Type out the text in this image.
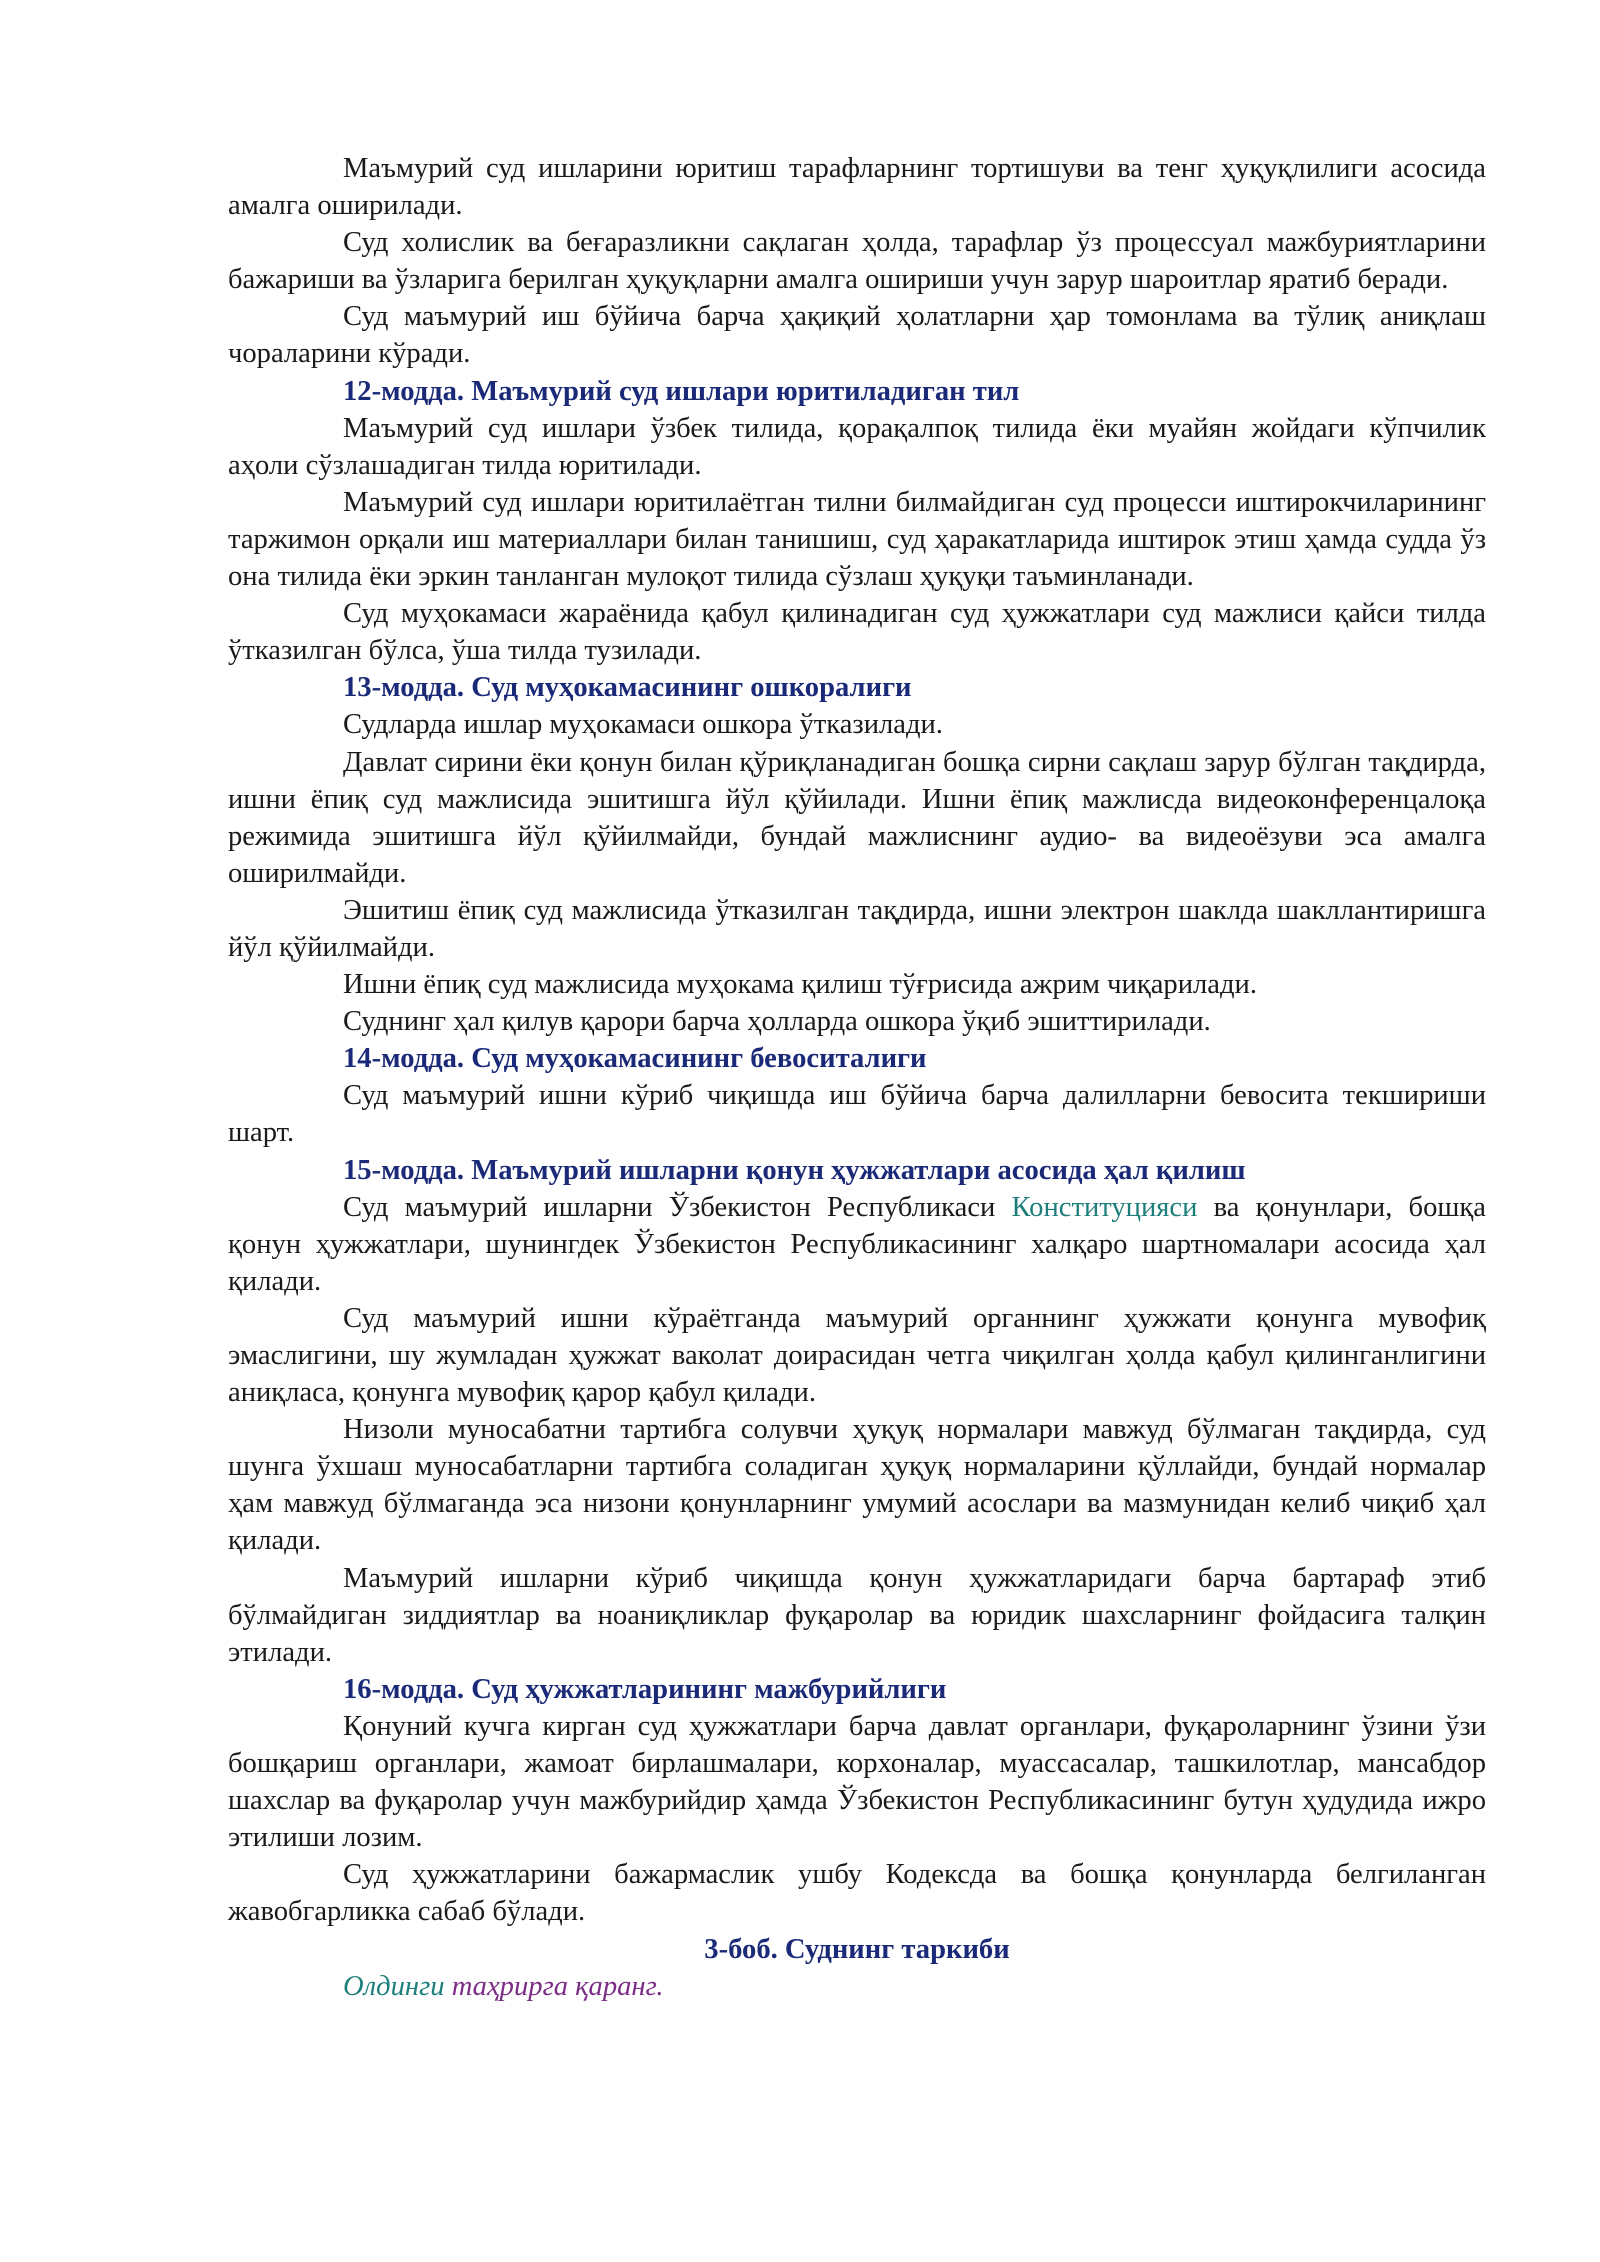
Маъмурий суд ишларини юритиш тарафларнинг тортишуви ва тенг ҳуқуқлилиги асосида амалга оширилади.

Суд холислик ва беғаразликни сақлаган ҳолда, тарафлар ўз процессуал мажбуриятларини бажариши ва ўзларига берилган ҳуқуқларни амалга ошириши учун зарур шароитлар яратиб беради.

Суд маъмурий иш бўйича барча ҳақиқий ҳолатларни ҳар томонлама ва тўлиқ аниқлаш чораларини кўради.

12-модда. Маъмурий суд ишлари юритиладиган тил

Маъмурий суд ишлари ўзбек тилида, қорақалпоқ тилида ёки муайян жойдаги кўпчилик аҳоли сўзлашадиган тилда юритилади.

Маъмурий суд ишлари юритилаётган тилни билмайдиган суд процесси иштирокчиларининг таржимон орқали иш материаллари билан танишиш, суд ҳаракатларида иштирок этиш ҳамда судда ўз она тилида ёки эркин танланган мулоқот тилида сўзлаш ҳуқуқи таъминланади.

Суд муҳокамаси жараёнида қабул қилинадиган суд ҳужжатлари суд мажлиси қайси тилда ўтказилган бўлса, ўша тилда тузилади.

13-модда. Суд муҳокамасининг ошкоралиги

Судларда ишлар муҳокамаси ошкора ўтказилади.

Давлат сирини ёки қонун билан қўриқланадиган бошқа сирни сақлаш зарур бўлган тақдирда, ишни ёпиқ суд мажлисида эшитишга йўл қўйилади. Ишни ёпиқ мажлисда видеоконференцалоқа режимида эшитишга йўл қўйилмайди, бундай мажлиснинг аудио- ва видеоёзуви эса амалга оширилмайди.

Эшитиш ёпиқ суд мажлисида ўтказилган тақдирда, ишни электрон шаклда шакллантиришга йўл қўйилмайди.

Ишни ёпиқ суд мажлисида муҳокама қилиш тўғрисида ажрим чиқарилади.

Суднинг ҳал қилув қарори барча ҳолларда ошкора ўқиб эшиттирилади.

14-модда. Суд муҳокамасининг бевоситалиги

Суд маъмурий ишни кўриб чиқишда иш бўйича барча далилларни бевосита текшириши шарт.

15-модда. Маъмурий ишларни қонун ҳужжатлари асосида ҳал қилиш

Суд маъмурий ишларни Ўзбекистон Республикаси Конституцияси ва қонунлари, бошқа қонун ҳужжатлари, шунингдек Ўзбекистон Республикасининг халқаро шартномалари асосида ҳал қилади.

Суд маъмурий ишни кўраётганда маъмурий органнинг ҳужжати қонунга мувофиқ эмаслигини, шу жумладан ҳужжат ваколат доирасидан четга чиқилган ҳолда қабул қилинганлигини аниқласа, қонунга мувофиқ қарор қабул қилади.

Низоли муносабатни тартибга солувчи ҳуқуқ нормалари мавжуд бўлмаган тақдирда, суд шунга ўхшаш муносабатларни тартибга соладиган ҳуқуқ нормаларини қўллайди, бундай нормалар ҳам мавжуд бўлмаганда эса низони қонунларнинг умумий асослари ва мазмунидан келиб чиқиб ҳал қилади.

Маъмурий ишларни кўриб чиқишда қонун ҳужжатларидаги барча бартараф этиб бўлмайдиган зиддиятлар ва ноаниқликлар фуқаролар ва юридик шахсларнинг фойдасига талқин этилади.

16-модда. Суд ҳужжатларининг мажбурийлиги

Қонуний кучга кирган суд ҳужжатлари барча давлат органлари, фуқароларнинг ўзини ўзи бошқариш органлари, жамоат бирлашмалари, корхоналар, муассасалар, ташкилотлар, мансабдор шахслар ва фуқаролар учун мажбурийдир ҳамда Ўзбекистон Республикасининг бутун ҳудудида ижро этилиши лозим.

Суд ҳужжатларини бажармаслик ушбу Кодексда ва бошқа қонунларда белгиланган жавобгарликка сабаб бўлади.

3-боб. Суднинг таркиби

Олдинги таҳрирга қаранг.
